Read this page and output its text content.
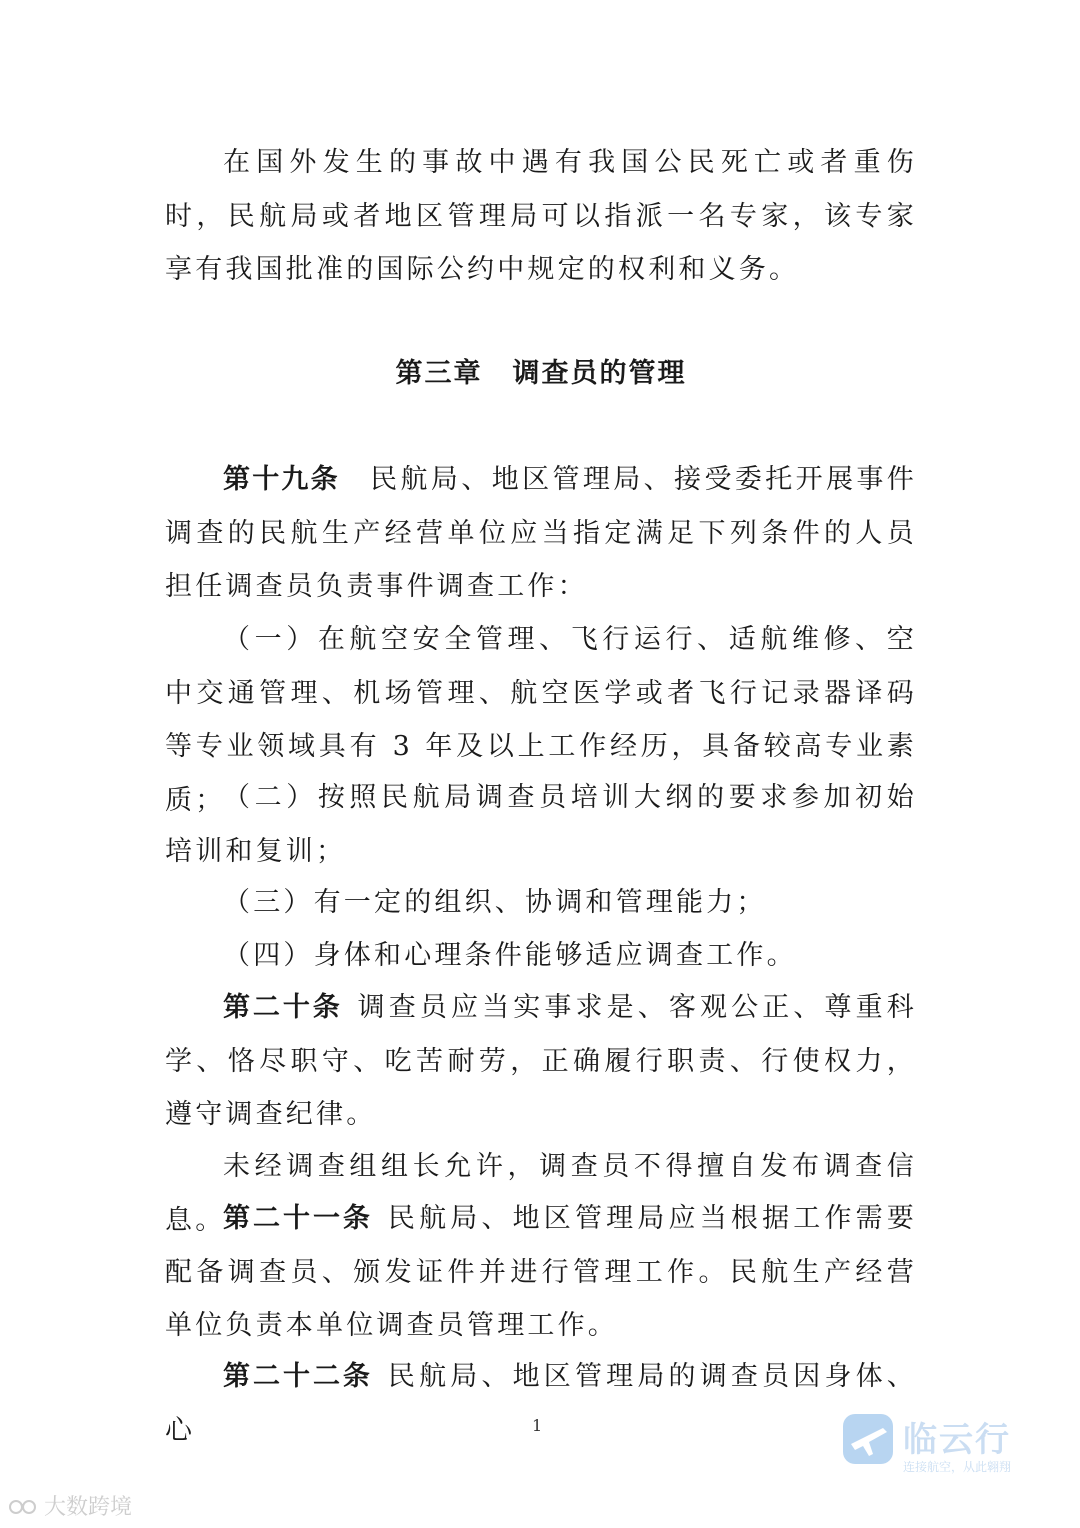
在国外发生的事故中遇有我国公民死亡或者重伤时，民航局或者地区管理局可以指派一名专家，该专家享有我国批准的国际公约中规定的权利和义务。

第三章 调查员的管理

第十九条　民航局、地区管理局、接受委托开展事件调查的民航生产经营单位应当指定满足下列条件的人员担任调查员负责事件调查工作：

（一）在航空安全管理、飞行运行、适航维修、空中交通管理、机场管理、航空医学或者飞行记录器译码等专业领域具有 3 年及以上工作经历，具备较高专业素质；

（二）按照民航局调查员培训大纲的要求参加初始培训和复训；

（三）有一定的组织、协调和管理能力；

（四）身体和心理条件能够适应调查工作。

第二十条 调查员应当实事求是、客观公正、尊重科学、恪尽职守、吃苦耐劳，正确履行职责、行使权力，遵守调查纪律。

未经调查组组长允许，调查员不得擅自发布调查信息。

第二十一条 民航局、地区管理局应当根据工作需要配备调查员、颁发证件并进行管理工作。民航生产经营单位负责本单位调查员管理工作。

第二十二条 民航局、地区管理局的调查员因身体、心	1	临云行
连接航空，从此翱翔
大数跨境
